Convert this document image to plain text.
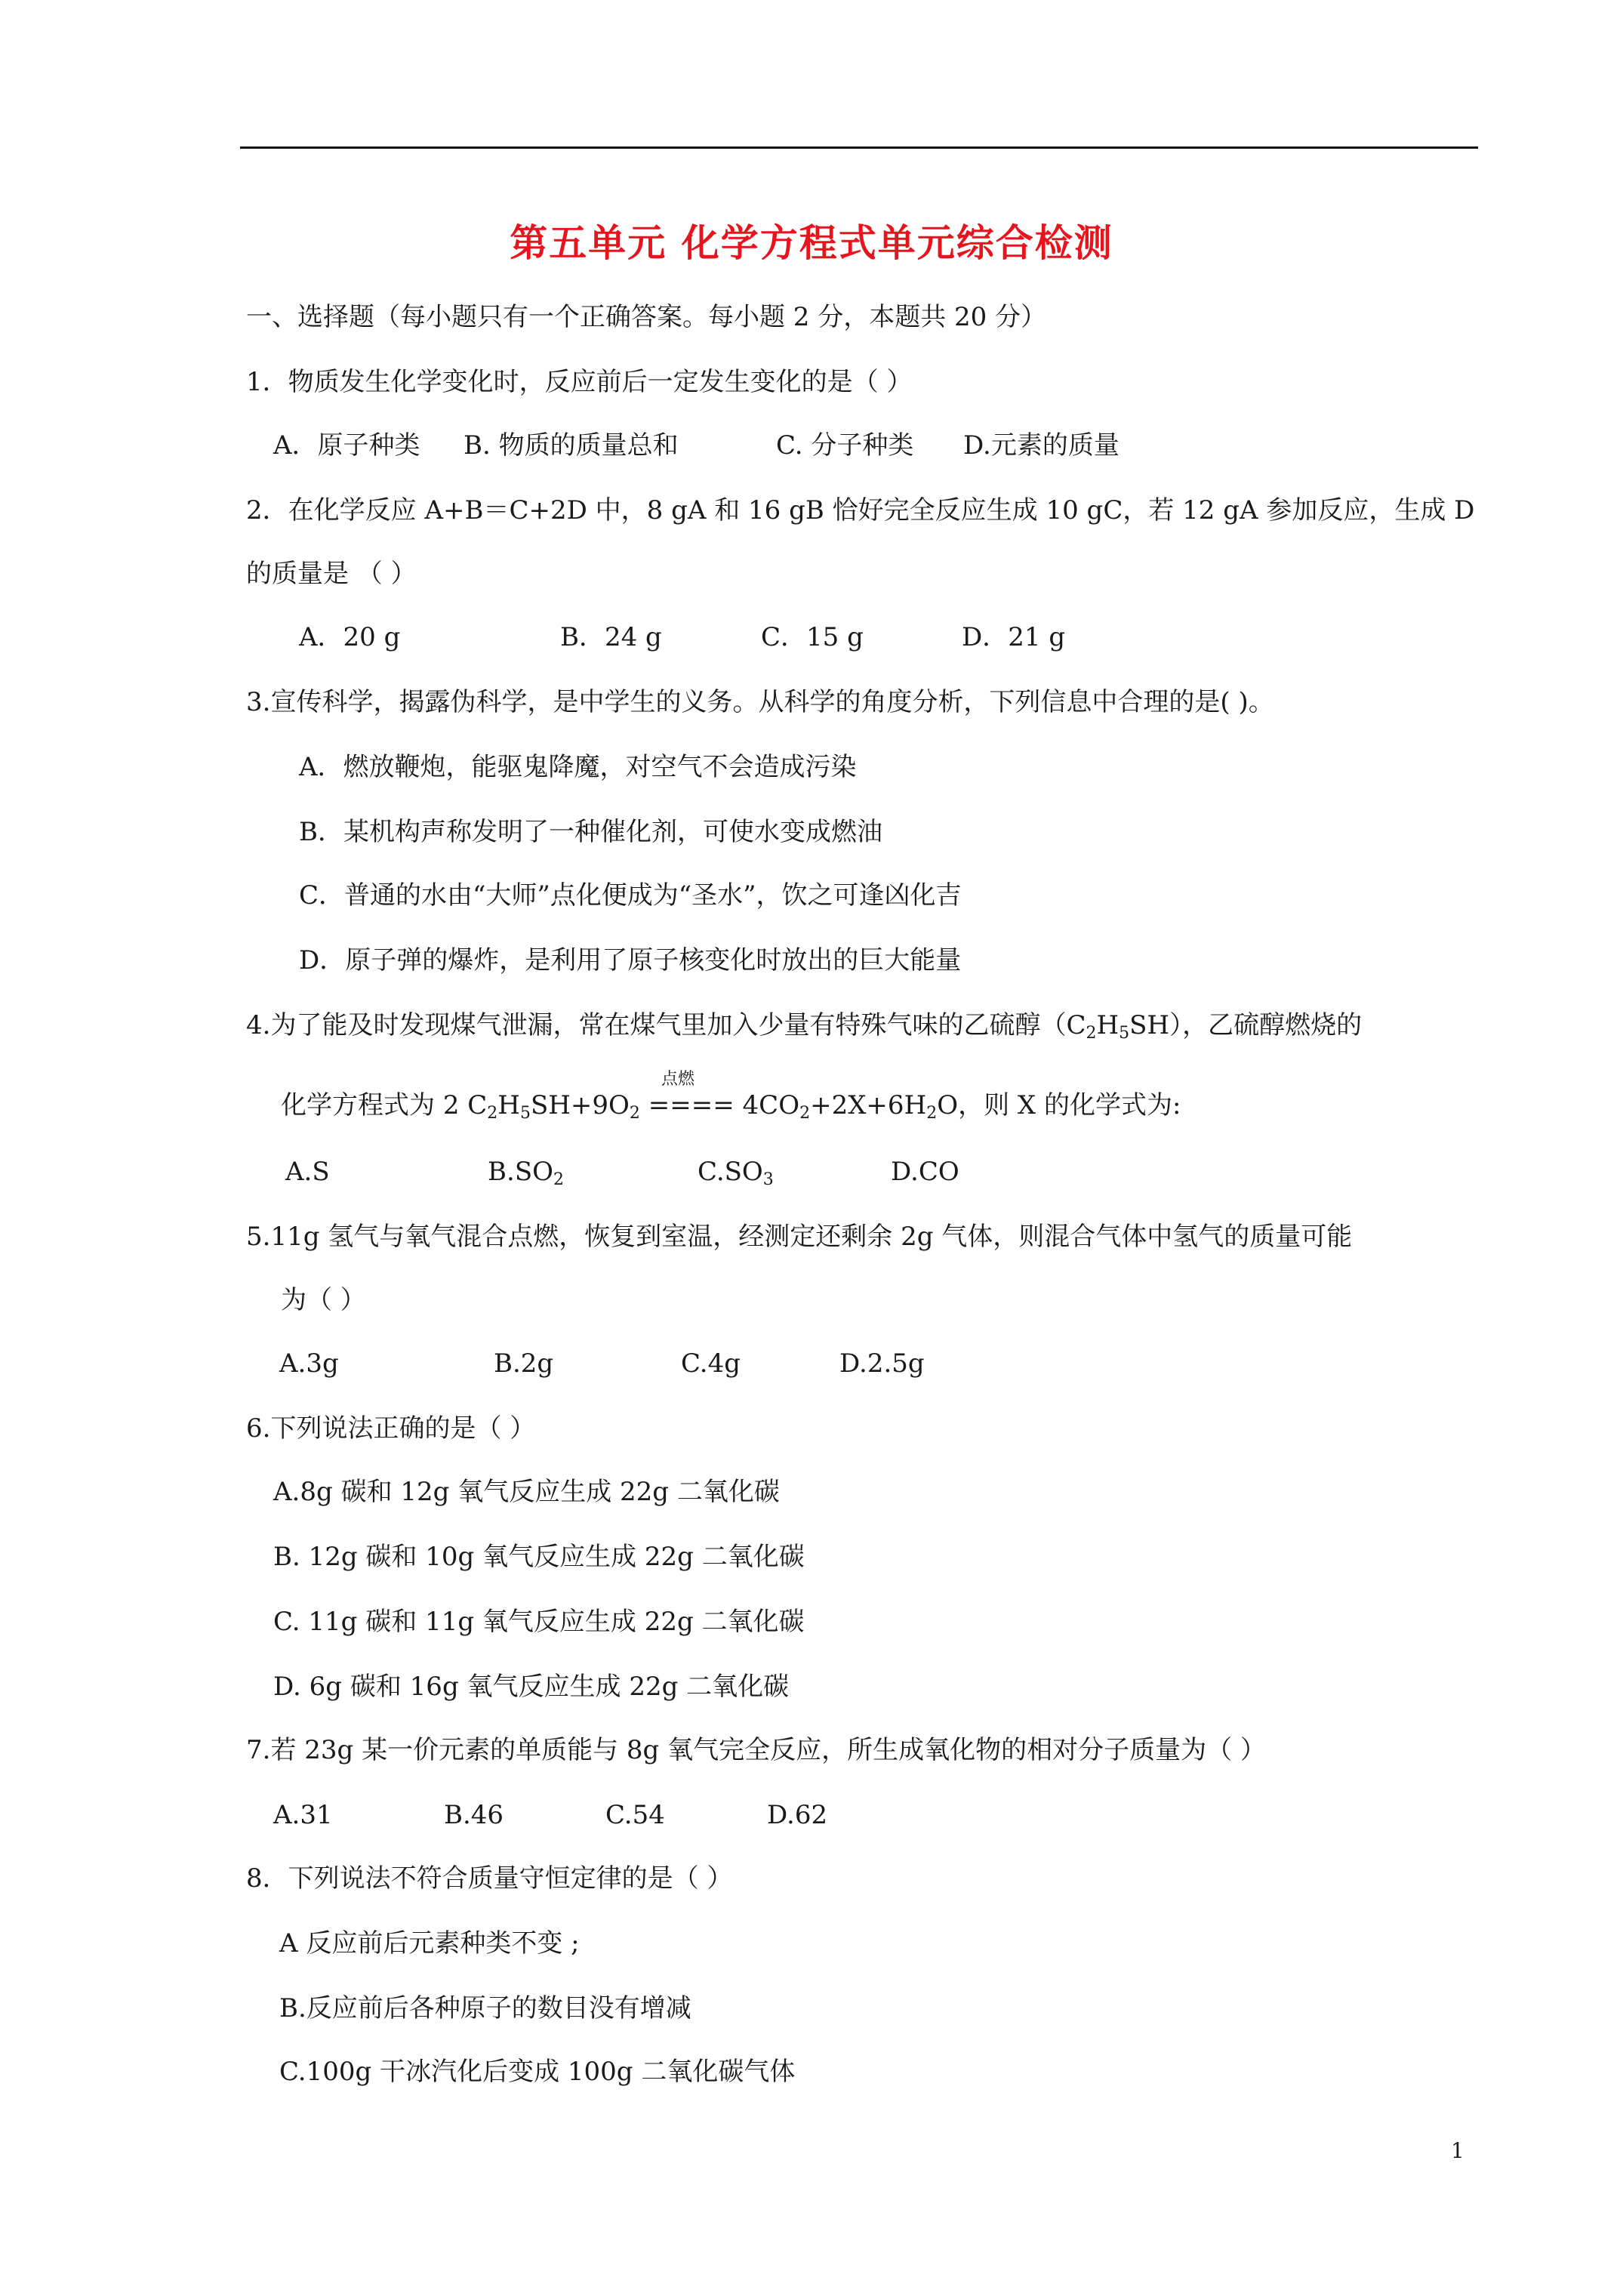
第五单元 化学方程式单元综合检测
一、选择题（每小题只有一个正确答案。每小题 2 分，本题共 20 分）
1．物质发生化学变化时，反应前后一定发生变化的是（ ）
A．原子种类 B. 物质的质量总和	C. 分子种类 D.元素的质量
2．在化学反应 A+B＝C+2D 中，8 gA 和 16 gB 恰好完全反应生成 10 gC，若 12 gA 参加反应，生成 D
的质量是 （ ）
A．20 g	B．24 g	C．15 g	D．21 g
3.宣传科学，揭露伪科学，是中学生的义务。从科学的角度分析，下列信息中合理的是( )。
A．燃放鞭炮，能驱鬼降魔，对空气不会造成污染
B．某机构声称发明了一种催化剂，可使水变成燃油
C．普通的水由“大师”点化便成为“圣水”，饮之可逢凶化吉
D．原子弹的爆炸，是利用了原子核变化时放出的巨大能量
4.为了能及时发现煤气泄漏，常在煤气里加入少量有特殊气味的乙硫醇$(C_2H_5SH)$，乙硫醇燃烧的
点燃
化学方程式为 2 $C_2H_5SH+9O_2$ ==== $4CO_2+2X+6H_2O$，则 X 的化学式为:
A.S	$B.SO_2$	$C.SO_3$	D.CO
5.11g 氢气与氧气混合点燃，恢复到室温，经测定还剩余 2g 气体，则混合气体中氢气的质量可能
为（ ）
A.3g	B.2g	C.4g	D.2.5g
6.下列说法正确的是（ ）
A.8g 碳和 12g 氧气反应生成 22g 二氧化碳
B. 12g 碳和 10g 氧气反应生成 22g 二氧化碳
C. 11g 碳和 11g 氧气反应生成 22g 二氧化碳
D. 6g 碳和 16g 氧气反应生成 22g 二氧化碳
7.若 23g 某一价元素的单质能与 8g 氧气完全反应，所生成氧化物的相对分子质量为（ ）
A.31	B.46	C.54	D.62
8．下列说法不符合质量守恒定律的是（ ）
A 反应前后元素种类不变 ;
B.反应前后各种原子的数目没有增减
C.100g 干冰汽化后变成 100g 二氧化碳气体
1
